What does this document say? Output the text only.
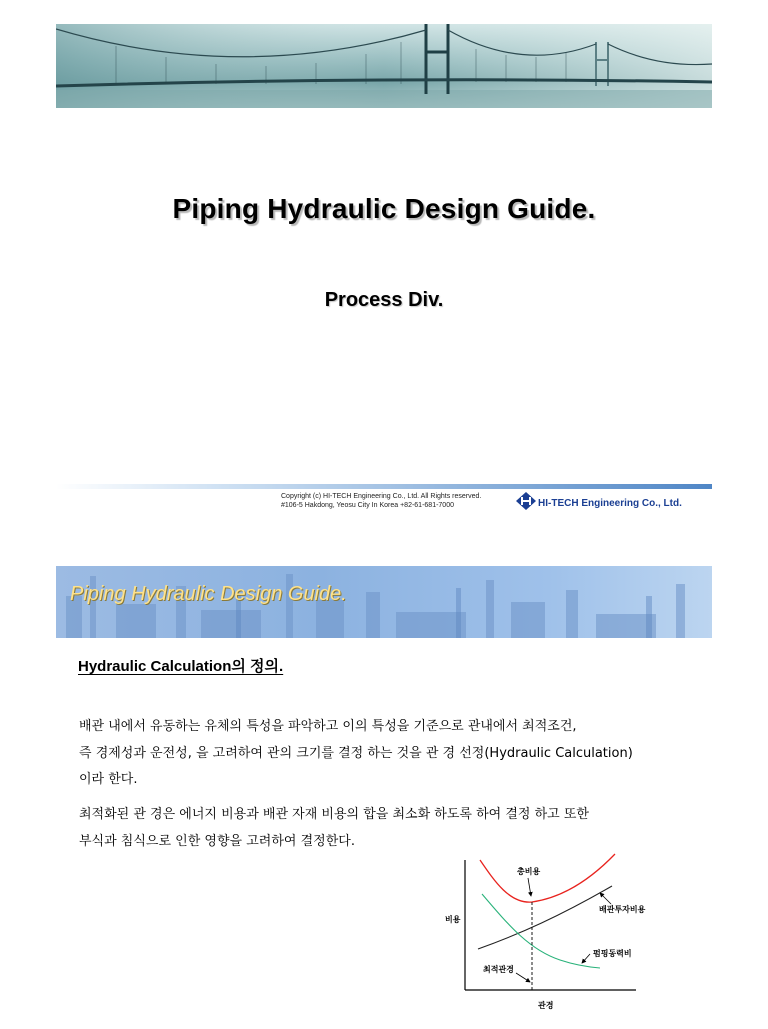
Piping Hydraulic Design Guide.
Process Div.
Copyright (c) HI-TECH Engineering Co., Ltd. All Rights reserved.
#106-5 Hakdong, Yeosu City In Korea +82-61-681-7000	HI-TECH Engineering Co., Ltd.
Piping Hydraulic Design Guide.
Hydraulic Calculation의 정의.
배관 내에서 유동하는 유체의 특성을 파악하고 이의 특성을 기준으로 관내에서 최적조건,
즉 경제성과 운전성, 을 고려하여 관의 크기를 결정 하는 것을 관 경 선정(Hydraulic Calculation)
이라 한다.
최적화된 관 경은 에너지 비용과 배관 자재 비용의 합을 최소화 하도록 하여 결정 하고 또한
부식과 침식으로 인한 영향을 고려하여 결정한다.
총비용
배관투자비용
펌핑동력비
최적관경
비용
관경
